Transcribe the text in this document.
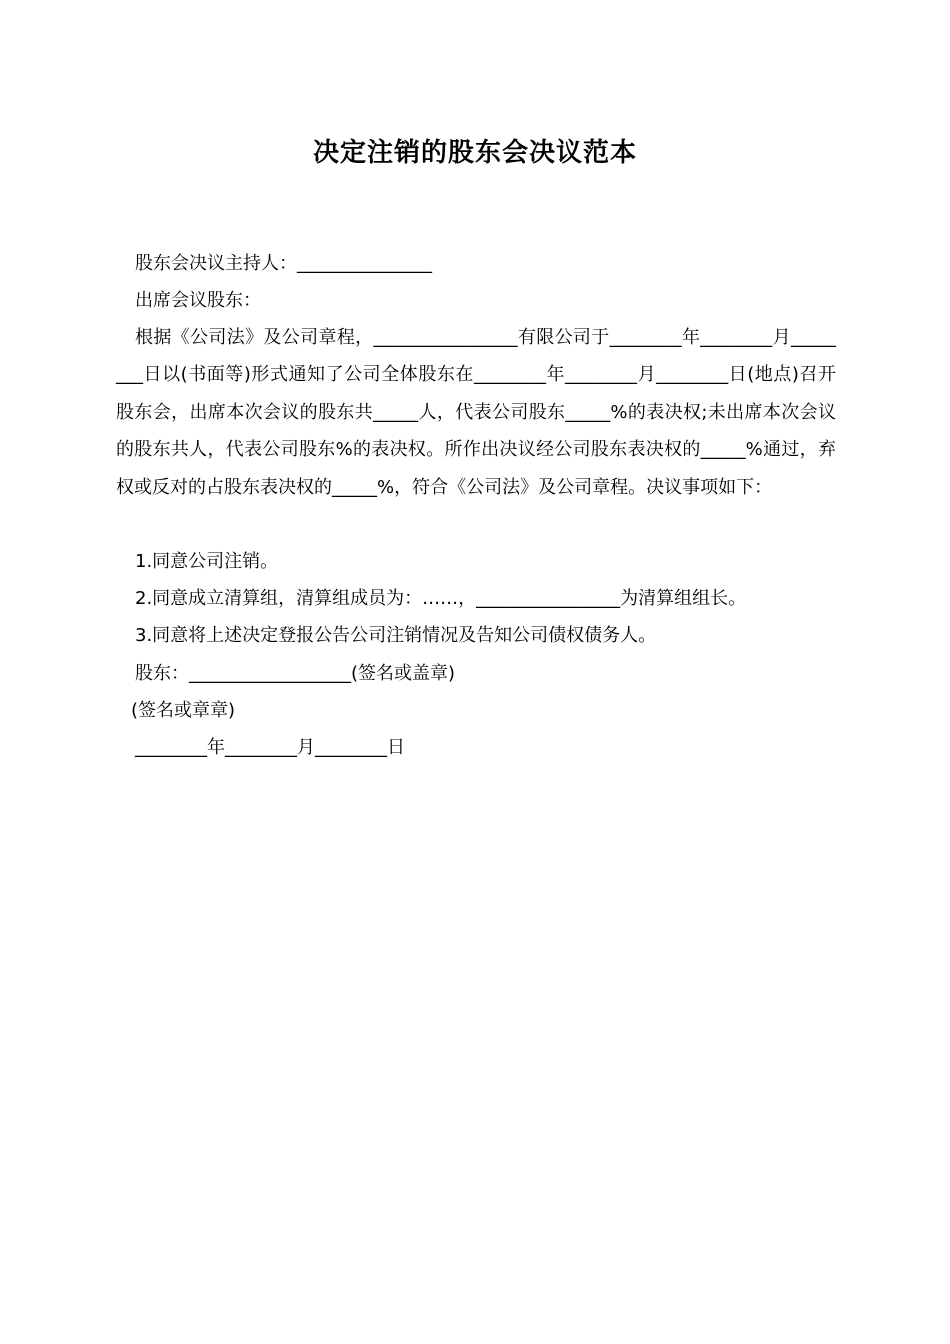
决定注销的股东会决议范本
股东会决议主持人：_______________
出席会议股东：
根据《公司法》及公司章程，________________有限公司于________年________月________日以(书面等)形式通知了公司全体股东在________年________月________日(地点)召开股东会，出席本次会议的股东共_____人，代表公司股东_____%的表决权;未出席本次会议的股东共人，代表公司股东%的表决权。所作出决议经公司股东表决权的_____%通过，弃权或反对的占股东表决权的_____%，符合《公司法》及公司章程。决议事项如下：
1.同意公司注销。
2.同意成立清算组，清算组成员为：……，________________为清算组组长。
3.同意将上述决定登报公告公司注销情况及告知公司债权债务人。
股东：__________________(签名或盖章)
(签名或章章)
________年________月________日
